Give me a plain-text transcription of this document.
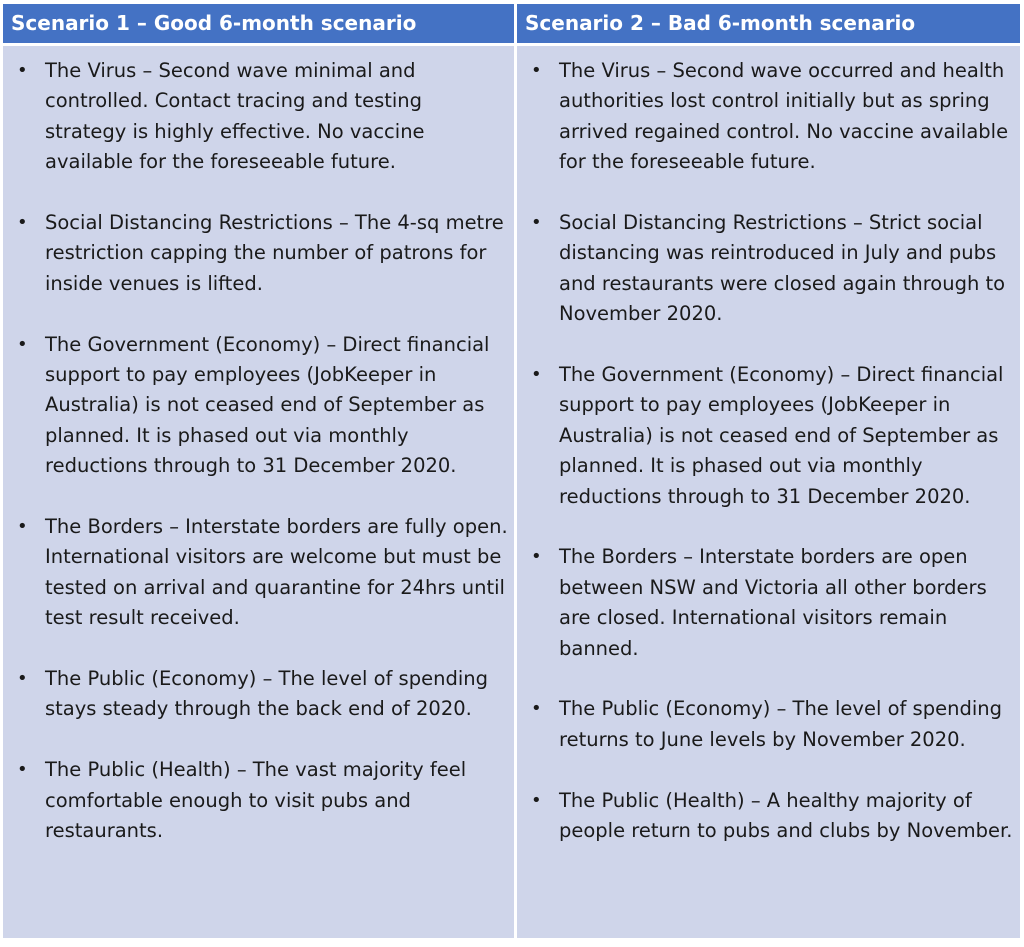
Scenario 1 – Good 6-month scenario	Scenario 2 – Bad 6-month scenario
• The Virus – Second wave minimal and controlled. Contact tracing and testing strategy is highly effective. No vaccine available for the foreseeable future.
• Social Distancing Restrictions – The 4-sq metre restriction capping the number of patrons for inside venues is lifted.
• The Government (Economy) – Direct financial support to pay employees (JobKeeper in Australia) is not ceased end of September as planned. It is phased out via monthly reductions through to 31 December 2020.
• The Borders – Interstate borders are fully open. International visitors are welcome but must be tested on arrival and quarantine for 24hrs until test result received.
• The Public (Economy) – The level of spending stays steady through the back end of 2020.
• The Public (Health) – The vast majority feel comfortable enough to visit pubs and restaurants.
• The Virus – Second wave occurred and health authorities lost control initially but as spring arrived regained control. No vaccine available for the foreseeable future.
• Social Distancing Restrictions – Strict social distancing was reintroduced in July and pubs and restaurants were closed again through to November 2020.
• The Government (Economy) – Direct financial support to pay employees (JobKeeper in Australia) is not ceased end of September as planned. It is phased out via monthly reductions through to 31 December 2020.
• The Borders – Interstate borders are open between NSW and Victoria all other borders are closed. International visitors remain banned.
• The Public (Economy) – The level of spending returns to June levels by November 2020.
• The Public (Health) – A healthy majority of people return to pubs and clubs by November.
